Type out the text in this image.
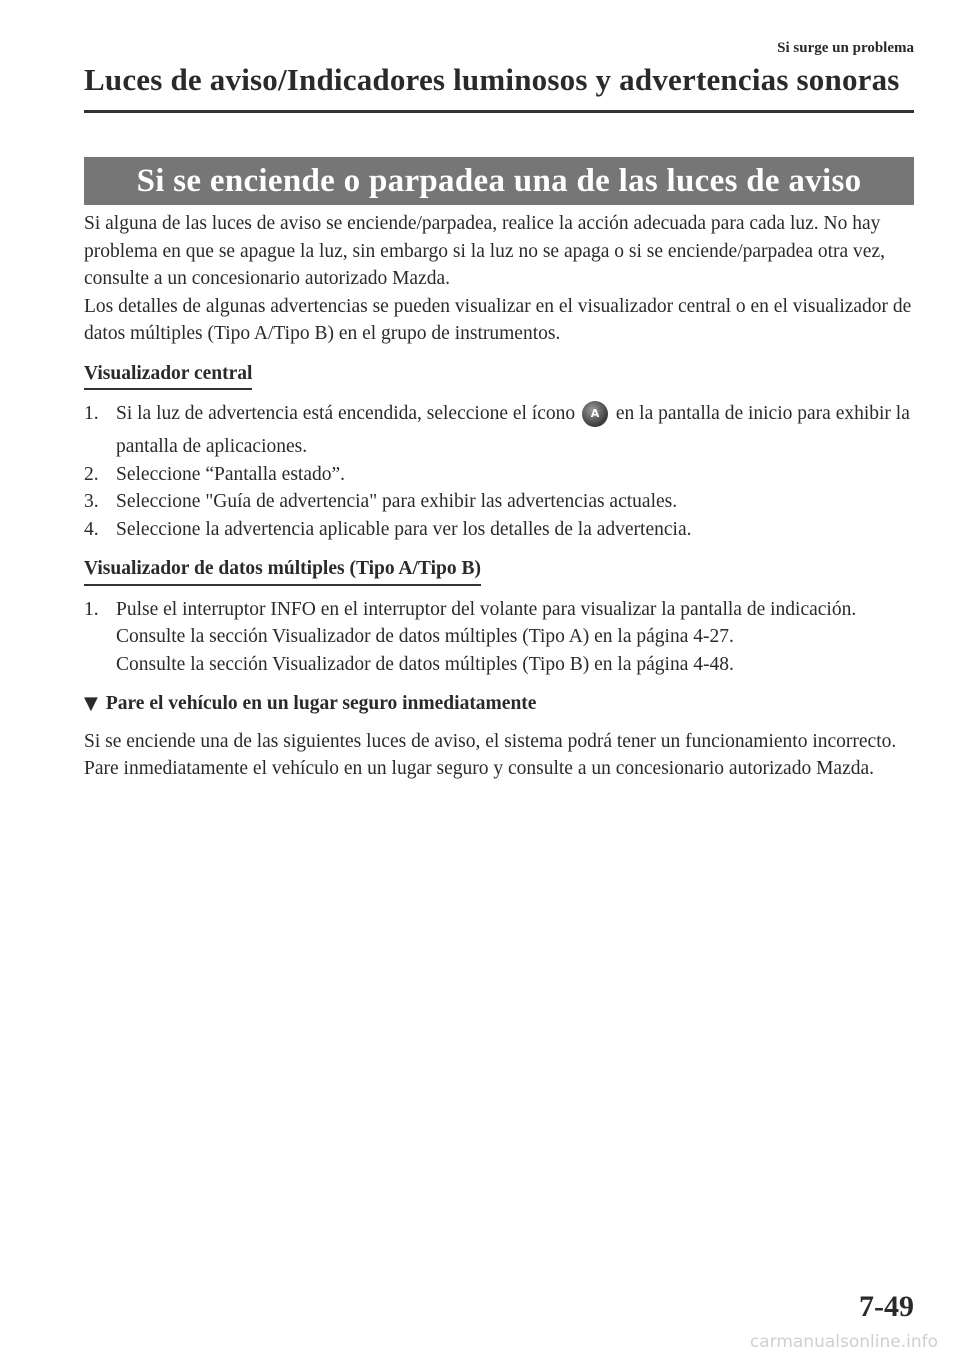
Si surge un problema
Luces de aviso/Indicadores luminosos y advertencias sonoras
Si se enciende o parpadea una de las luces de aviso

Si alguna de las luces de aviso se enciende/parpadea, realice la acción adecuada para cada luz. No hay problema en que se apague la luz, sin embargo si la luz no se apaga o si se enciende/parpadea otra vez, consulte a un concesionario autorizado Mazda.

Los detalles de algunas advertencias se pueden visualizar en el visualizador central o en el visualizador de datos múltiples (Tipo A/Tipo B) en el grupo de instrumentos.

Visualizador central
1. Si la luz de advertencia está encendida, seleccione el ícono A en la pantalla de inicio para exhibir la pantalla de aplicaciones.
2. Seleccione “Pantalla estado”.
3. Seleccione "Guía de advertencia" para exhibir las advertencias actuales.
4. Seleccione la advertencia aplicable para ver los detalles de la advertencia.
Visualizador de datos múltiples (Tipo A/Tipo B)
1. Pulse el interruptor INFO en el interruptor del volante para visualizar la pantalla de indicación.
Consulte la sección Visualizador de datos múltiples (Tipo A) en la página 4-27.
Consulte la sección Visualizador de datos múltiples (Tipo B) en la página 4-48.
▼ Pare el vehículo en un lugar seguro inmediatamente

Si se enciende una de las siguientes luces de aviso, el sistema podrá tener un funcionamiento incorrecto. Pare inmediatamente el vehículo en un lugar seguro y consulte a un concesionario autorizado Mazda.

7-49
carmanualsonline.info
